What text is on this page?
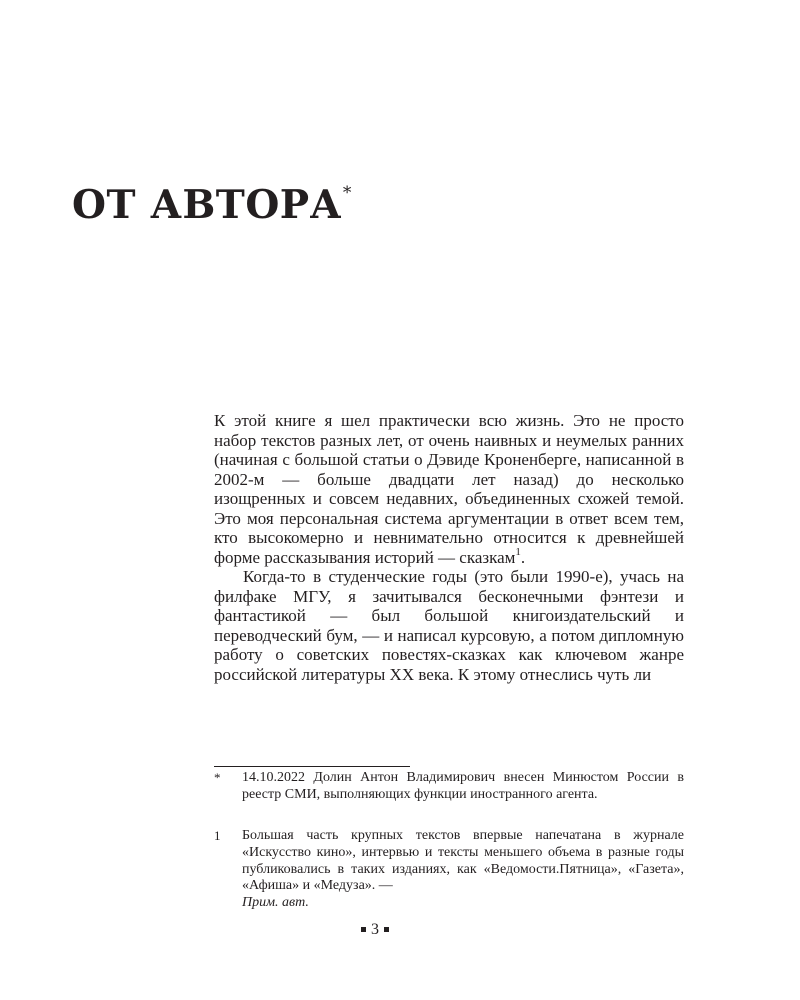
ОТ АВТОРА*

К этой книге я шел практически всю жизнь. Это не просто набор текстов разных лет, от очень наивных и неумелых ранних (начиная с большой статьи о Дэвиде Кроненберге, написанной в 2002-м — больше двадцати лет назад) до несколько изощренных и совсем недавних, объединенных схожей темой. Это моя персональная система аргументации в ответ всем тем, кто высокомерно и невнимательно относится к древнейшей форме рассказывания историй — сказкам$^1$.

Когда-то в студенческие годы (это были 1990-е), учась на филфаке МГУ, я зачитывался бесконечными фэнтези и фантастикой — был большой книгоиздательский и переводческий бум, — и написал курсовую, а потом дипломную работу о советских повестях-сказках как ключевом жанре российской литературы XX века. К этому отнеслись чуть ли

* 14.10.2022 Долин Антон Владимирович внесен Минюстом России в реестр СМИ, выполняющих функции иностранного агента.
1 Большая часть крупных текстов впервые напечатана в журнале «Искусство кино», интервью и тексты меньшего объема в разные годы публиковались в таких изданиях, как «Ведомости.Пятница», «Газета», «Афиша» и «Медуза». —
Прим. авт.
3
